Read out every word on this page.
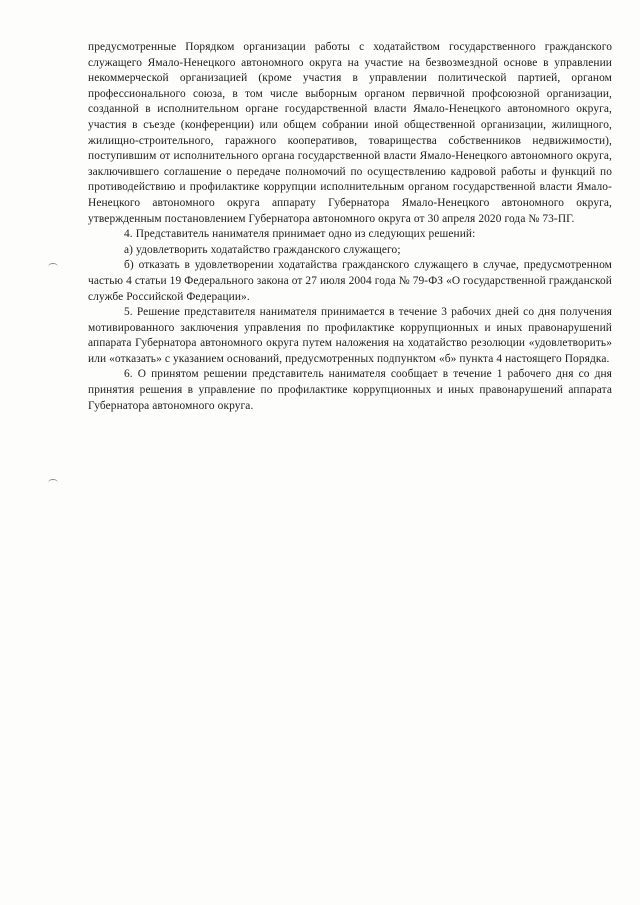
предусмотренные Порядком организации работы с ходатайством государственного гражданского служащего Ямало-Ненецкого автономного округа на участие на безвозмездной основе в управлении некоммерческой организацией (кроме участия в управлении политической партией, органом профессионального союза, в том числе выборным органом первичной профсоюзной организации, созданной в исполнительном органе государственной власти Ямало-Ненецкого автономного округа, участия в съезде (конференции) или общем собрании иной общественной организации, жилищного, жилищно-строительного, гаражного кооперативов, товарищества собственников недвижимости), поступившим от исполнительного органа государственной власти Ямало-Ненецкого автономного округа, заключившего соглашение о передаче полномочий по осуществлению кадровой работы и функций по противодействию и профилактике коррупции исполнительным органом государственной власти Ямало-Ненецкого автономного округа аппарату Губернатора Ямало-Ненецкого автономного округа, утвержденным постановлением Губернатора автономного округа от 30 апреля 2020 года № 73-ПГ.

4. Представитель нанимателя принимает одно из следующих решений:

а) удовлетворить ходатайство гражданского служащего;

б) отказать в удовлетворении ходатайства гражданского служащего в случае, предусмотренном частью 4 статьи 19 Федерального закона от 27 июля 2004 года № 79-ФЗ «О государственной гражданской службе Российской Федерации».

5. Решение представителя нанимателя принимается в течение 3 рабочих дней со дня получения мотивированного заключения управления по профилактике коррупционных и иных правонарушений аппарата Губернатора автономного округа путем наложения на ходатайство резолюции «удовлетворить» или «отказать» с указанием оснований, предусмотренных подпунктом «б» пункта 4 настоящего Порядка.

6. О принятом решении представитель нанимателя сообщает в течение 1 рабочего дня со дня принятия решения в управление по профилактике коррупционных и иных правонарушений аппарата Губернатора автономного округа.
